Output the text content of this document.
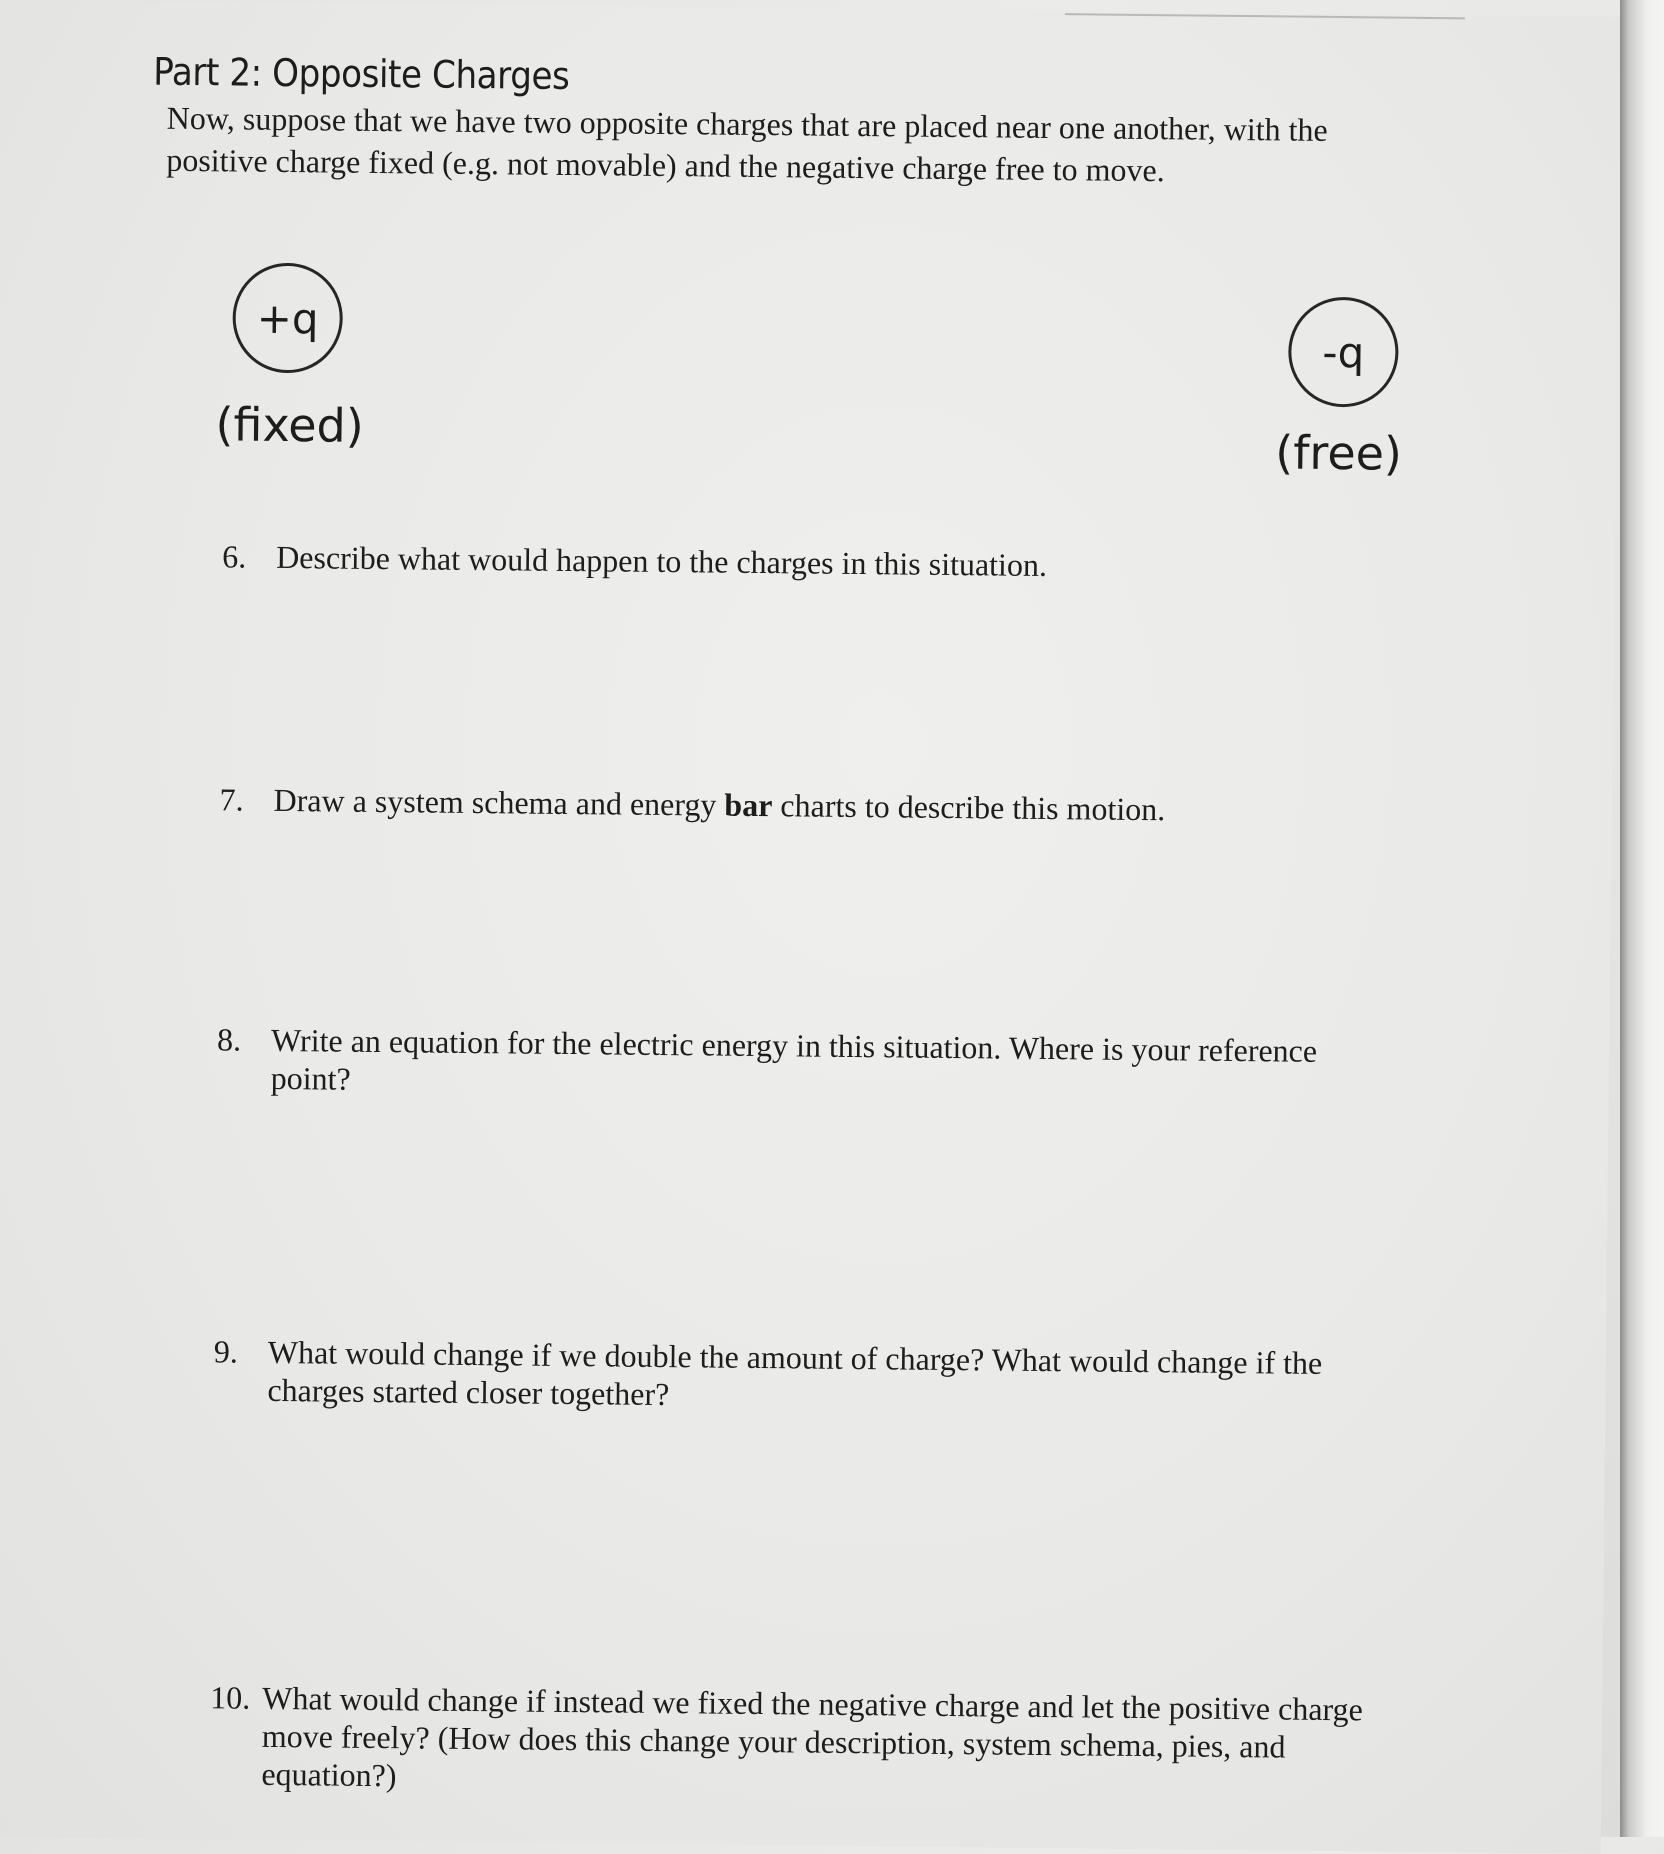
Part 2: Opposite Charges
Now, suppose that we have two opposite charges that are placed near one another, with the positive charge fixed (e.g. not movable) and the negative charge free to move.
+q
(fixed)
-q
(free)
6. Describe what would happen to the charges in this situation.
7. Draw a system schema and energy bar charts to describe this motion.
8. Write an equation for the electric energy in this situation. Where is your reference point?
9. What would change if we double the amount of charge? What would change if the charges started closer together?
10. What would change if instead we fixed the negative charge and let the positive charge move freely? (How does this change your description, system schema, pies, and equation?)
